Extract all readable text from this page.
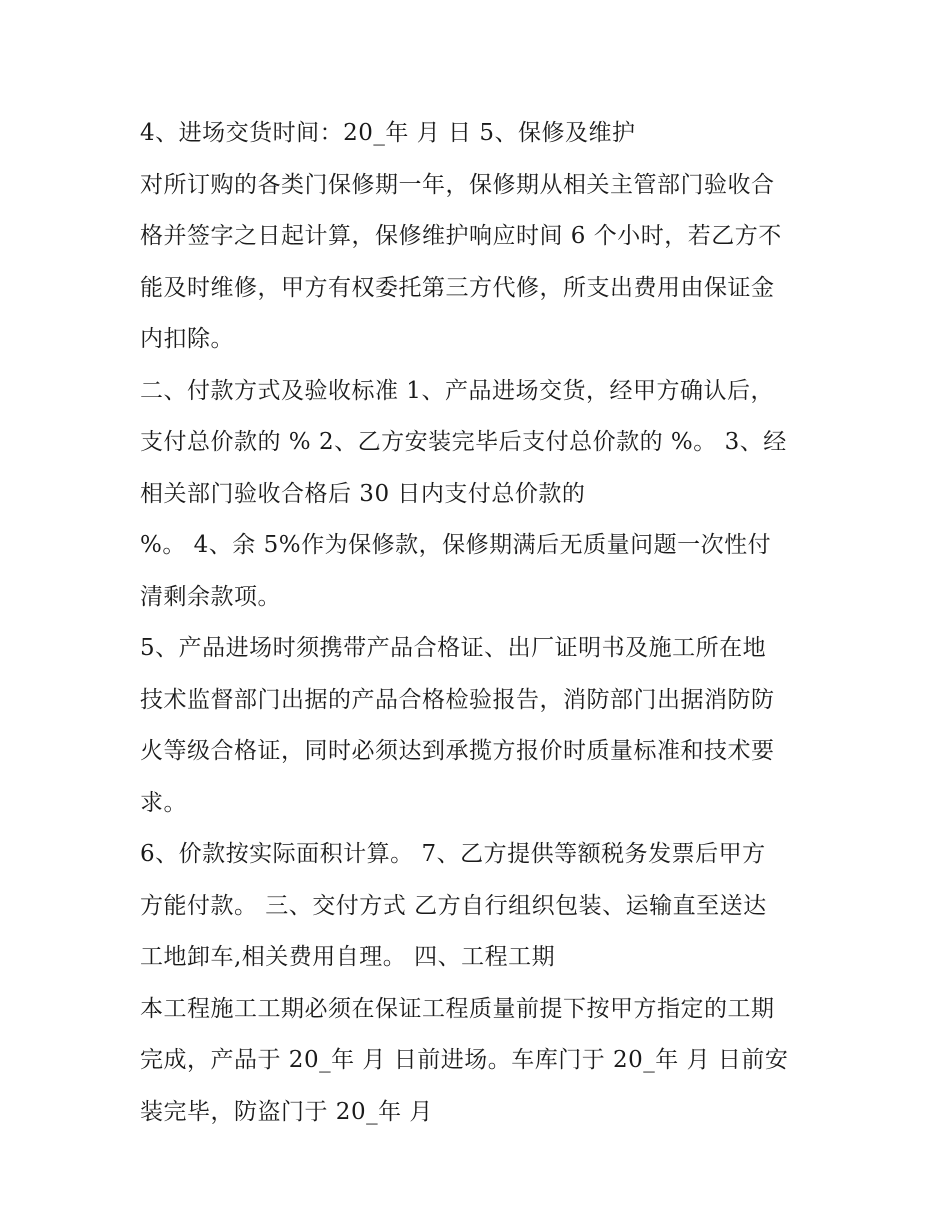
4、进场交货时间：20_年 月 日 5、保修及维护
对所订购的各类门保修期一年，保修期从相关主管部门验收合
格并签字之日起计算，保修维护响应时间 6 个小时，若乙方不
能及时维修，甲方有权委托第三方代修，所支出费用由保证金
内扣除。
二、付款方式及验收标准 1、产品进场交货，经甲方确认后，
支付总价款的 % 2、乙方安装完毕后支付总价款的 %。 3、经
相关部门验收合格后 30 日内支付总价款的
%。 4、余 5%作为保修款，保修期满后无质量问题一次性付
清剩余款项。
5、产品进场时须携带产品合格证、出厂证明书及施工所在地
技术监督部门出据的产品合格检验报告，消防部门出据消防防
火等级合格证，同时必须达到承揽方报价时质量标准和技术要
求。
6、价款按实际面积计算。 7、乙方提供等额税务发票后甲方
方能付款。 三、交付方式 乙方自行组织包装、运输直至送达
工地卸车,相关费用自理。 四、工程工期
本工程施工工期必须在保证工程质量前提下按甲方指定的工期
完成，产品于 20_年 月 日前进场。车库门于 20_年 月 日前安
装完毕，防盗门于 20_年 月
